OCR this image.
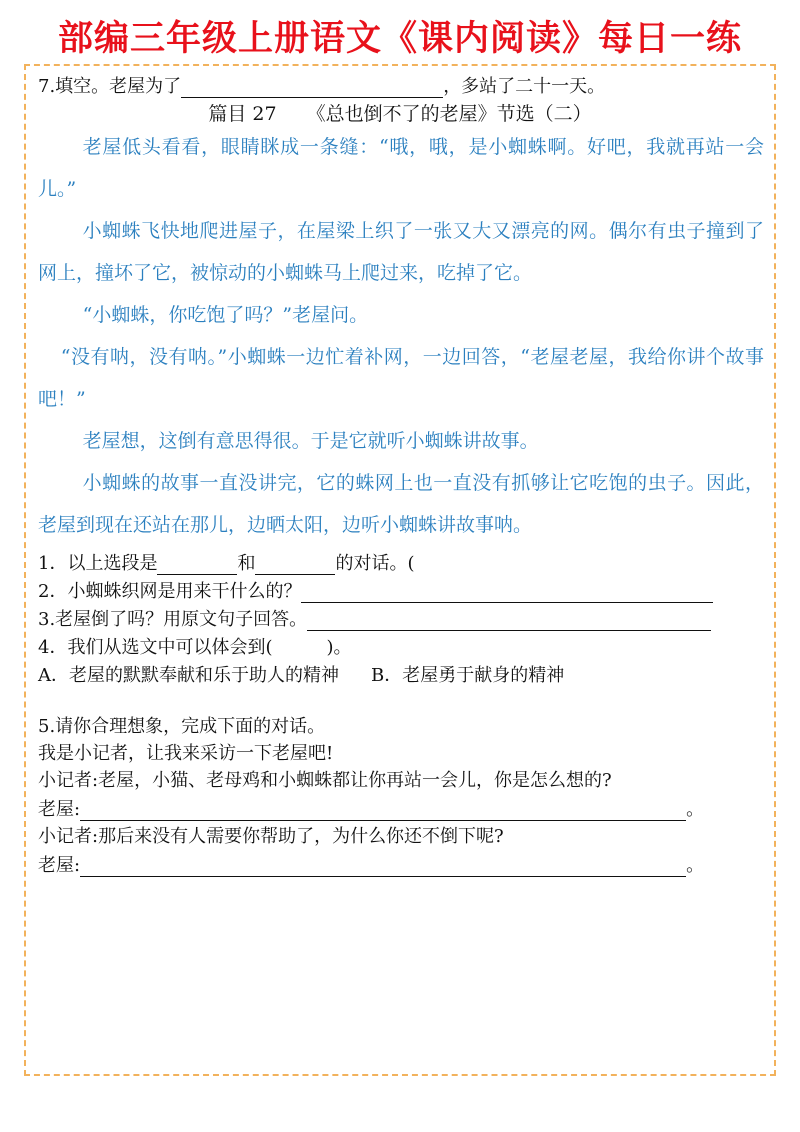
部编三年级上册语文《课内阅读》每日一练
7.填空。老屋为了	，多站了二十一天。
篇目 27 《总也倒不了的老屋》节选（二）
老屋低头看看，眼睛眯成一条缝：“哦，哦，是小蜘蛛啊。好吧，我就再站一会儿。”
小蜘蛛飞快地爬进屋子，在屋梁上织了一张又大又漂亮的网。偶尔有虫子撞到了网上，撞坏了它，被惊动的小蜘蛛马上爬过来，吃掉了它。
“小蜘蛛，你吃饱了吗？”老屋问。
“没有呐，没有呐。”小蜘蛛一边忙着补网，一边回答，“老屋老屋，我给你讲个故事吧！”
老屋想，这倒有意思得很。于是它就听小蜘蛛讲故事。
小蜘蛛的故事一直没讲完，它的蛛网上也一直没有抓够让它吃饱的虫子。因此，老屋到现在还站在那儿，边晒太阳，边听小蜘蛛讲故事呐。
1．以上选段是	和	的对话。(
2．小蜘蛛织网是用来干什么的？
3.老屋倒了吗？用原文句子回答。
4．我们从选文中可以体会到(　　　)。
A．老屋的默默奉献和乐于助人的精神 B．老屋勇于献身的精神
5.请你合理想象，完成下面的对话。
我是小记者，让我来采访一下老屋吧!
小记者:老屋，小猫、老母鸡和小蜘蛛都让你再站一会儿，你是怎么想的?
老屋:	。
小记者:那后来没有人需要你帮助了，为什么你还不倒下呢?
老屋:	。
